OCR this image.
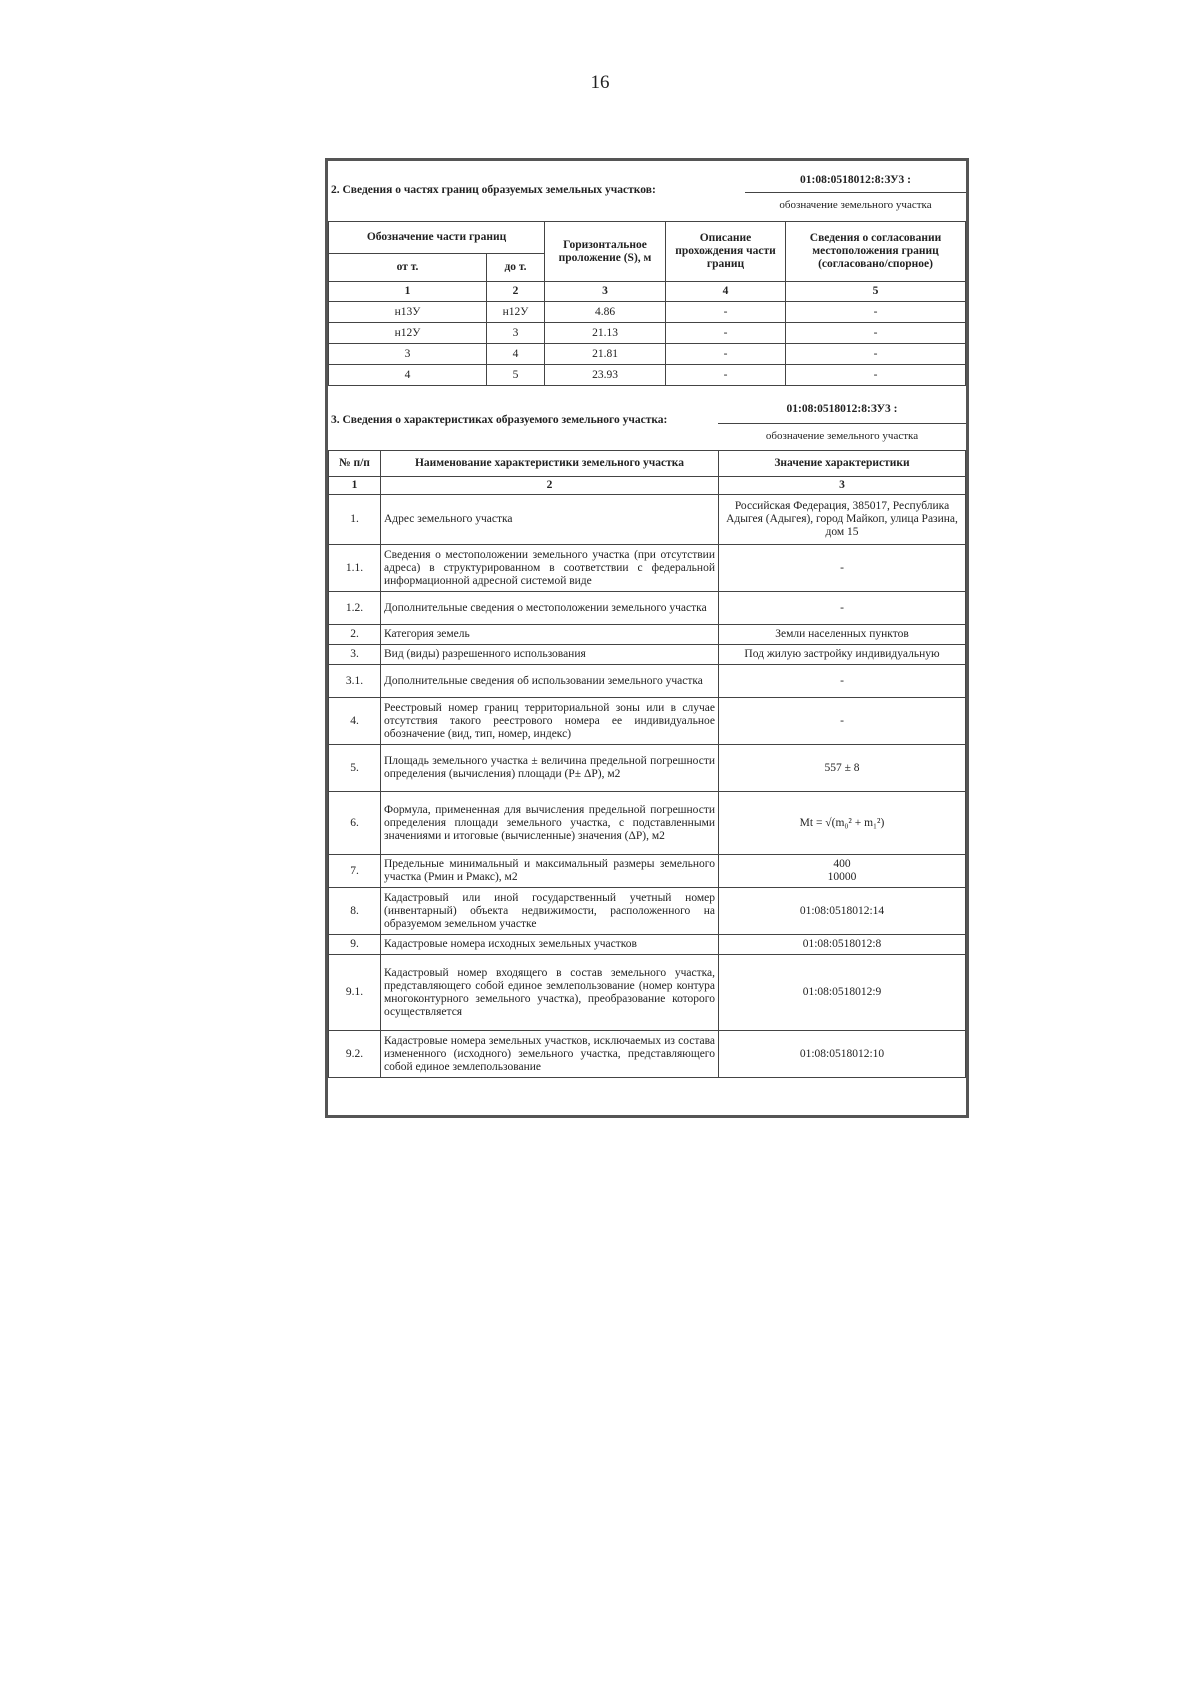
16
2. Сведения о частях границ образуемых земельных участков:	
01:08:0518012:8:ЗУ3 :
обозначение земельного участка
Обозначение части границ		Горизонтальное проложение (S), м	Описание прохождения части границ	Сведения о согласовании местоположения границ (согласовано/спорное)
от т.	до т.			
1	2	3	4	5
н13У	н12У	4.86	-	-
н12У	3	21.13	-	-
3	4	21.81	-	-
4	5	23.93	-	-
3. Сведения о характеристиках образуемого земельного участка:	
01:08:0518012:8:ЗУ3 :
обозначение земельного участка
№ п/п	Наименование характеристики земельного участка	Значение характеристики
1	2	3
1.	Адрес земельного участка	Российская Федерация, 385017, Республика Адыгея (Адыгея), город Майкоп, улица Разина, дом 15
1.1.	Сведения о местоположении земельного участка (при отсутствии адреса) в структурированном в соответствии с федеральной информационной адресной системой виде	-
1.2.	Дополнительные сведения о местоположении земельного участка	-
2.	Категория земель	Земли населенных пунктов
3.	Вид (виды) разрешенного использования	Под жилую застройку индивидуальную
3.1.	Дополнительные сведения об использовании земельного участка	-
4.	Реестровый номер границ территориальной зоны или в случае отсутствия такого реестрового номера ее индивидуальное обозначение (вид, тип, номер, индекс)	-
5.	Площадь земельного участка ± величина предельной погрешности определения (вычисления) площади (Р± ΔР), м2	557 ± 8
6.	Формула, примененная для вычисления предельной погрешности определения площади земельного участка, с подставленными значениями и итоговые (вычисленные) значения (ΔР), м2	Mt = √(m₀² + m₁²)
7.	Предельные минимальный и максимальный размеры земельного участка (Рмин и Рмакс), м2	400
10000
8.	Кадастровый или иной государственный учетный номер (инвентарный) объекта недвижимости, расположенного на образуемом земельном участке	01:08:0518012:14
9.	Кадастровые номера исходных земельных участков	01:08:0518012:8
9.1.	Кадастровый номер входящего в состав земельного участка, представляющего собой единое землепользование (номер контура многоконтурного земельного участка), преобразование которого осуществляется	01:08:0518012:9
9.2.	Кадастровые номера земельных участков, исключаемых из состава измененного (исходного) земельного участка, представляющего собой единое землепользование	01:08:0518012:10
